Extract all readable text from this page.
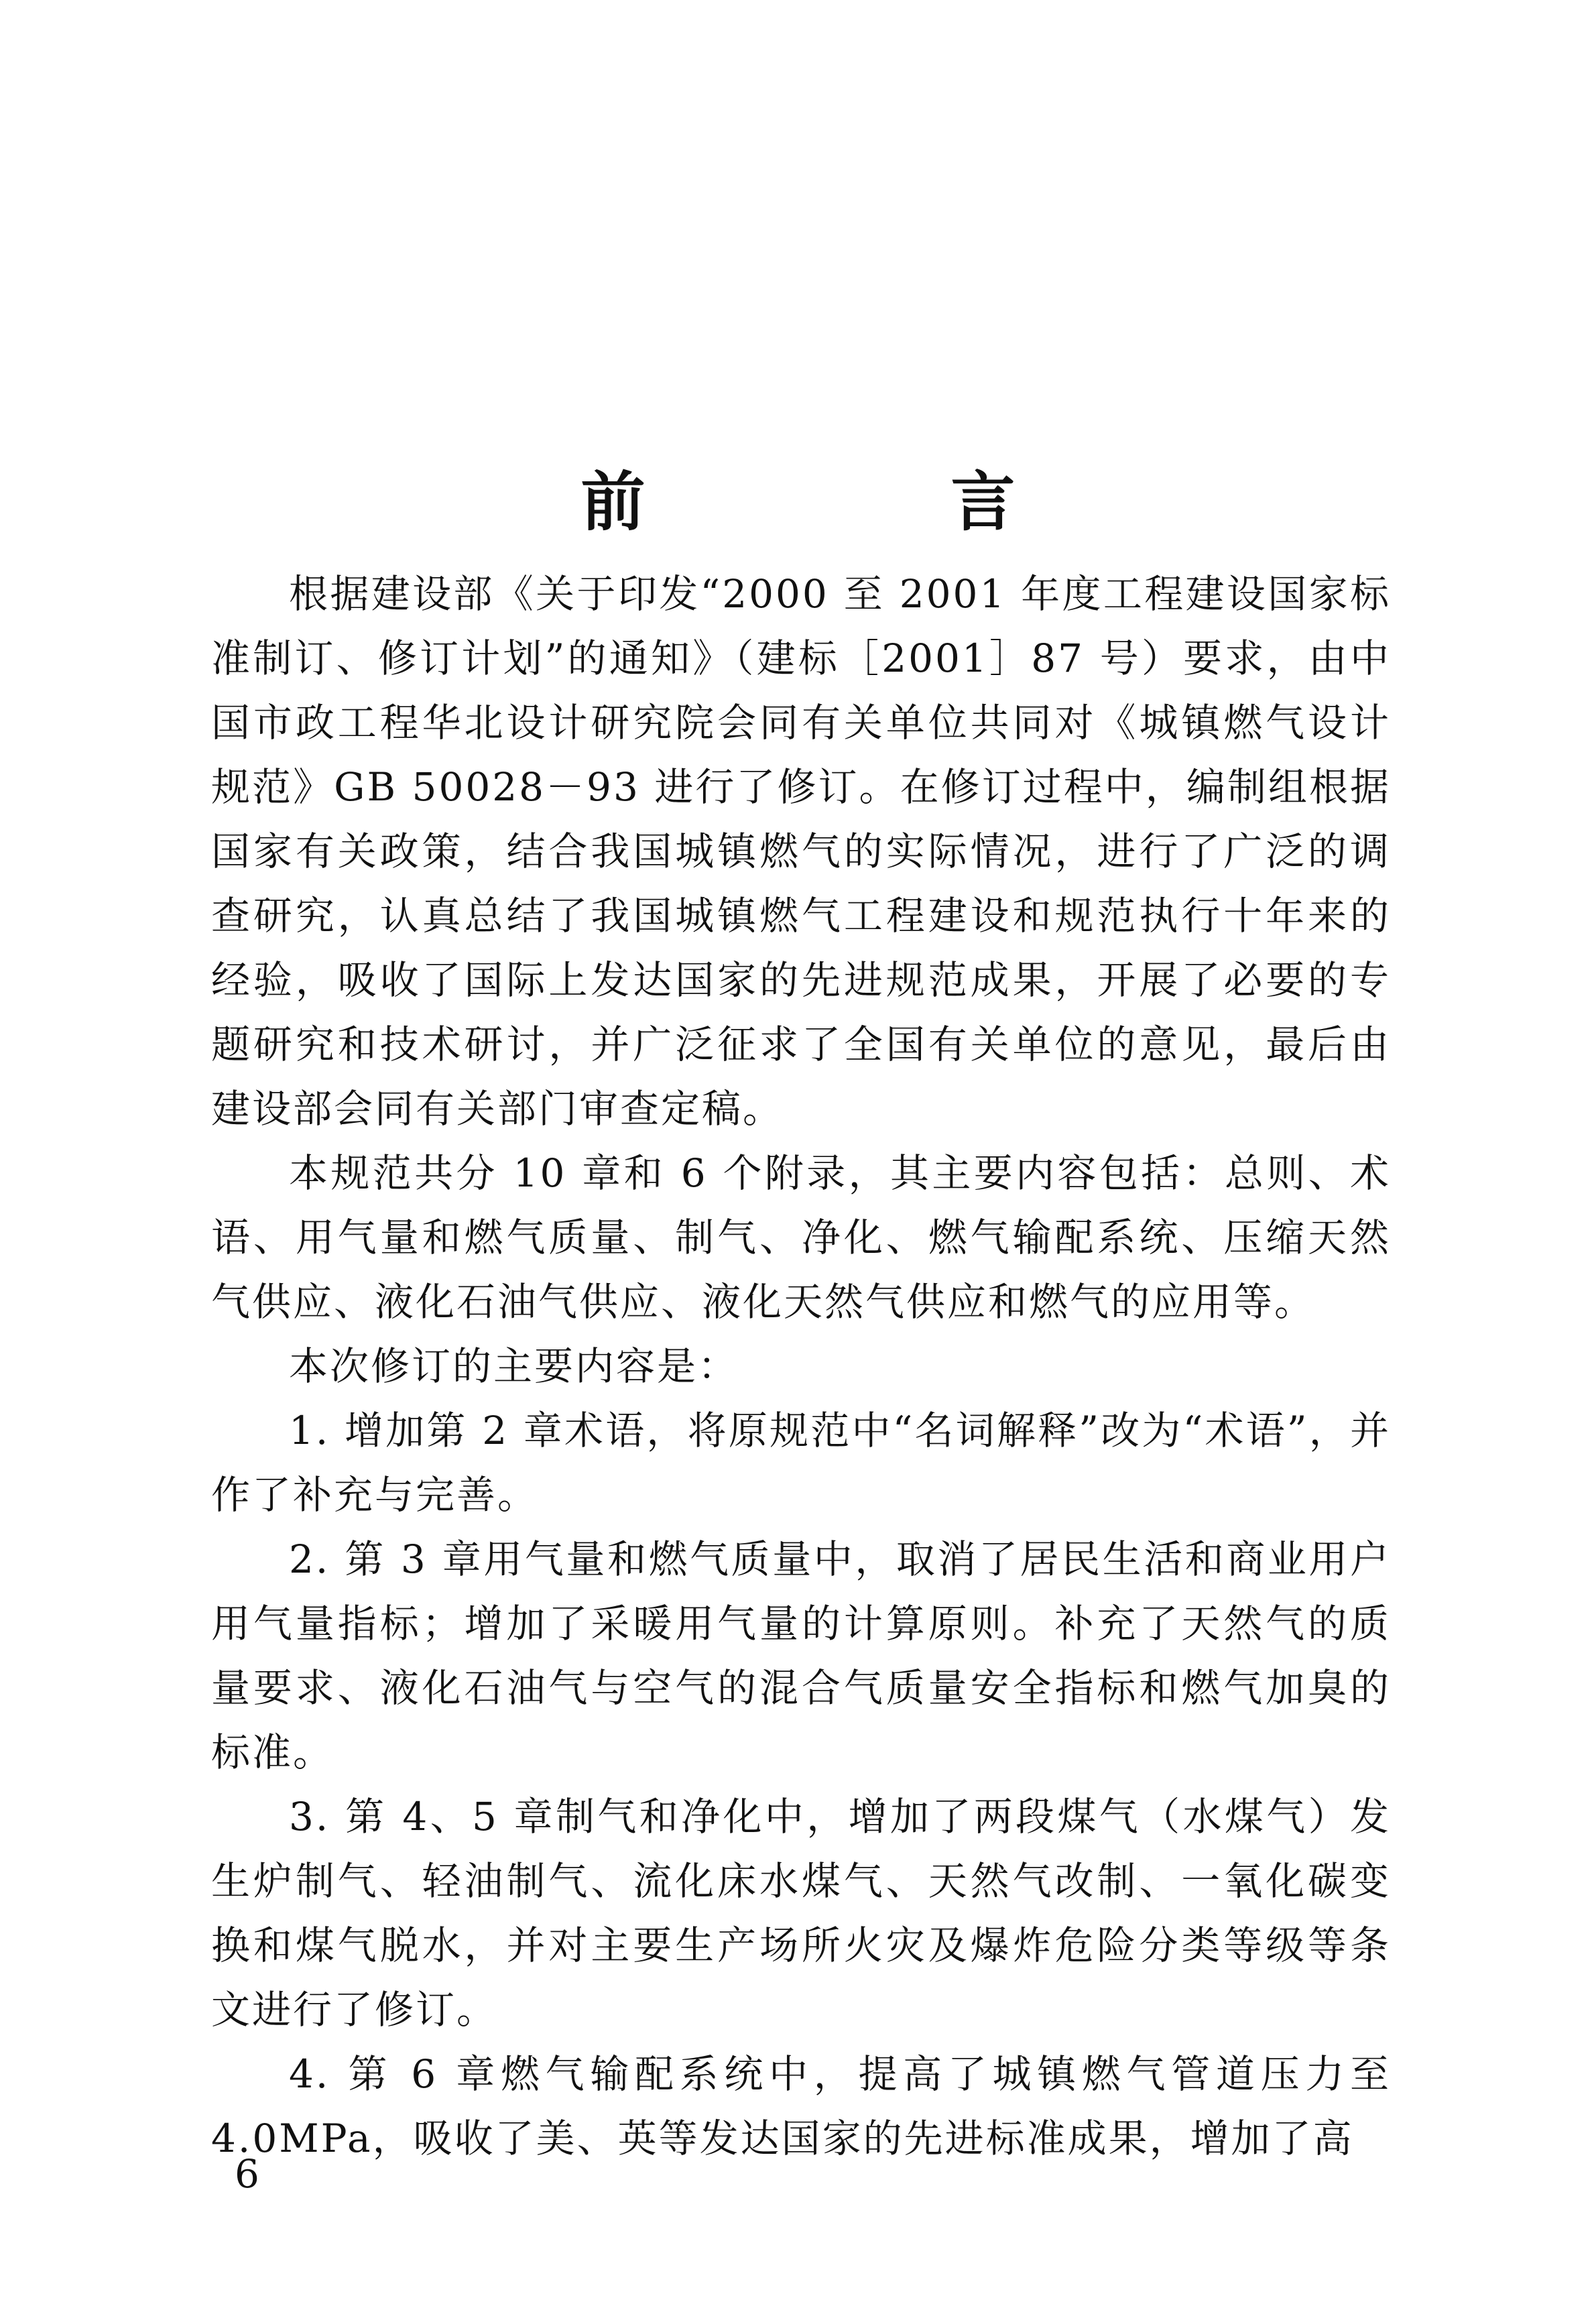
前　言

根据建设部《关于印发“2000 至 2001 年度工程建设国家标准制订、修订计划”的通知》（建标［2001］87 号）要求，由中国市政工程华北设计研究院会同有关单位共同对《城镇燃气设计规范》GB 50028－93 进行了修订。在修订过程中，编制组根据国家有关政策，结合我国城镇燃气的实际情况，进行了广泛的调查研究，认真总结了我国城镇燃气工程建设和规范执行十年来的经验，吸收了国际上发达国家的先进规范成果，开展了必要的专题研究和技术研讨，并广泛征求了全国有关单位的意见，最后由建设部会同有关部门审查定稿。

本规范共分 10 章和 6 个附录，其主要内容包括：总则、术语、用气量和燃气质量、制气、净化、燃气输配系统、压缩天然气供应、液化石油气供应、液化天然气供应和燃气的应用等。

本次修订的主要内容是：

1. 增加第 2 章术语，将原规范中“名词解释”改为“术语”，并作了补充与完善。

2. 第 3 章用气量和燃气质量中，取消了居民生活和商业用户用气量指标；增加了采暖用气量的计算原则。补充了天然气的质量要求、液化石油气与空气的混合气质量安全指标和燃气加臭的标准。

3. 第 4、5 章制气和净化中，增加了两段煤气（水煤气）发生炉制气、轻油制气、流化床水煤气、天然气改制、一氧化碳变换和煤气脱水，并对主要生产场所火灾及爆炸危险分类等级等条文进行了修订。

4. 第 6 章燃气输配系统中，提高了城镇燃气管道压力至 4.0MPa，吸收了美、英等发达国家的先进标准成果，增加了高

6
